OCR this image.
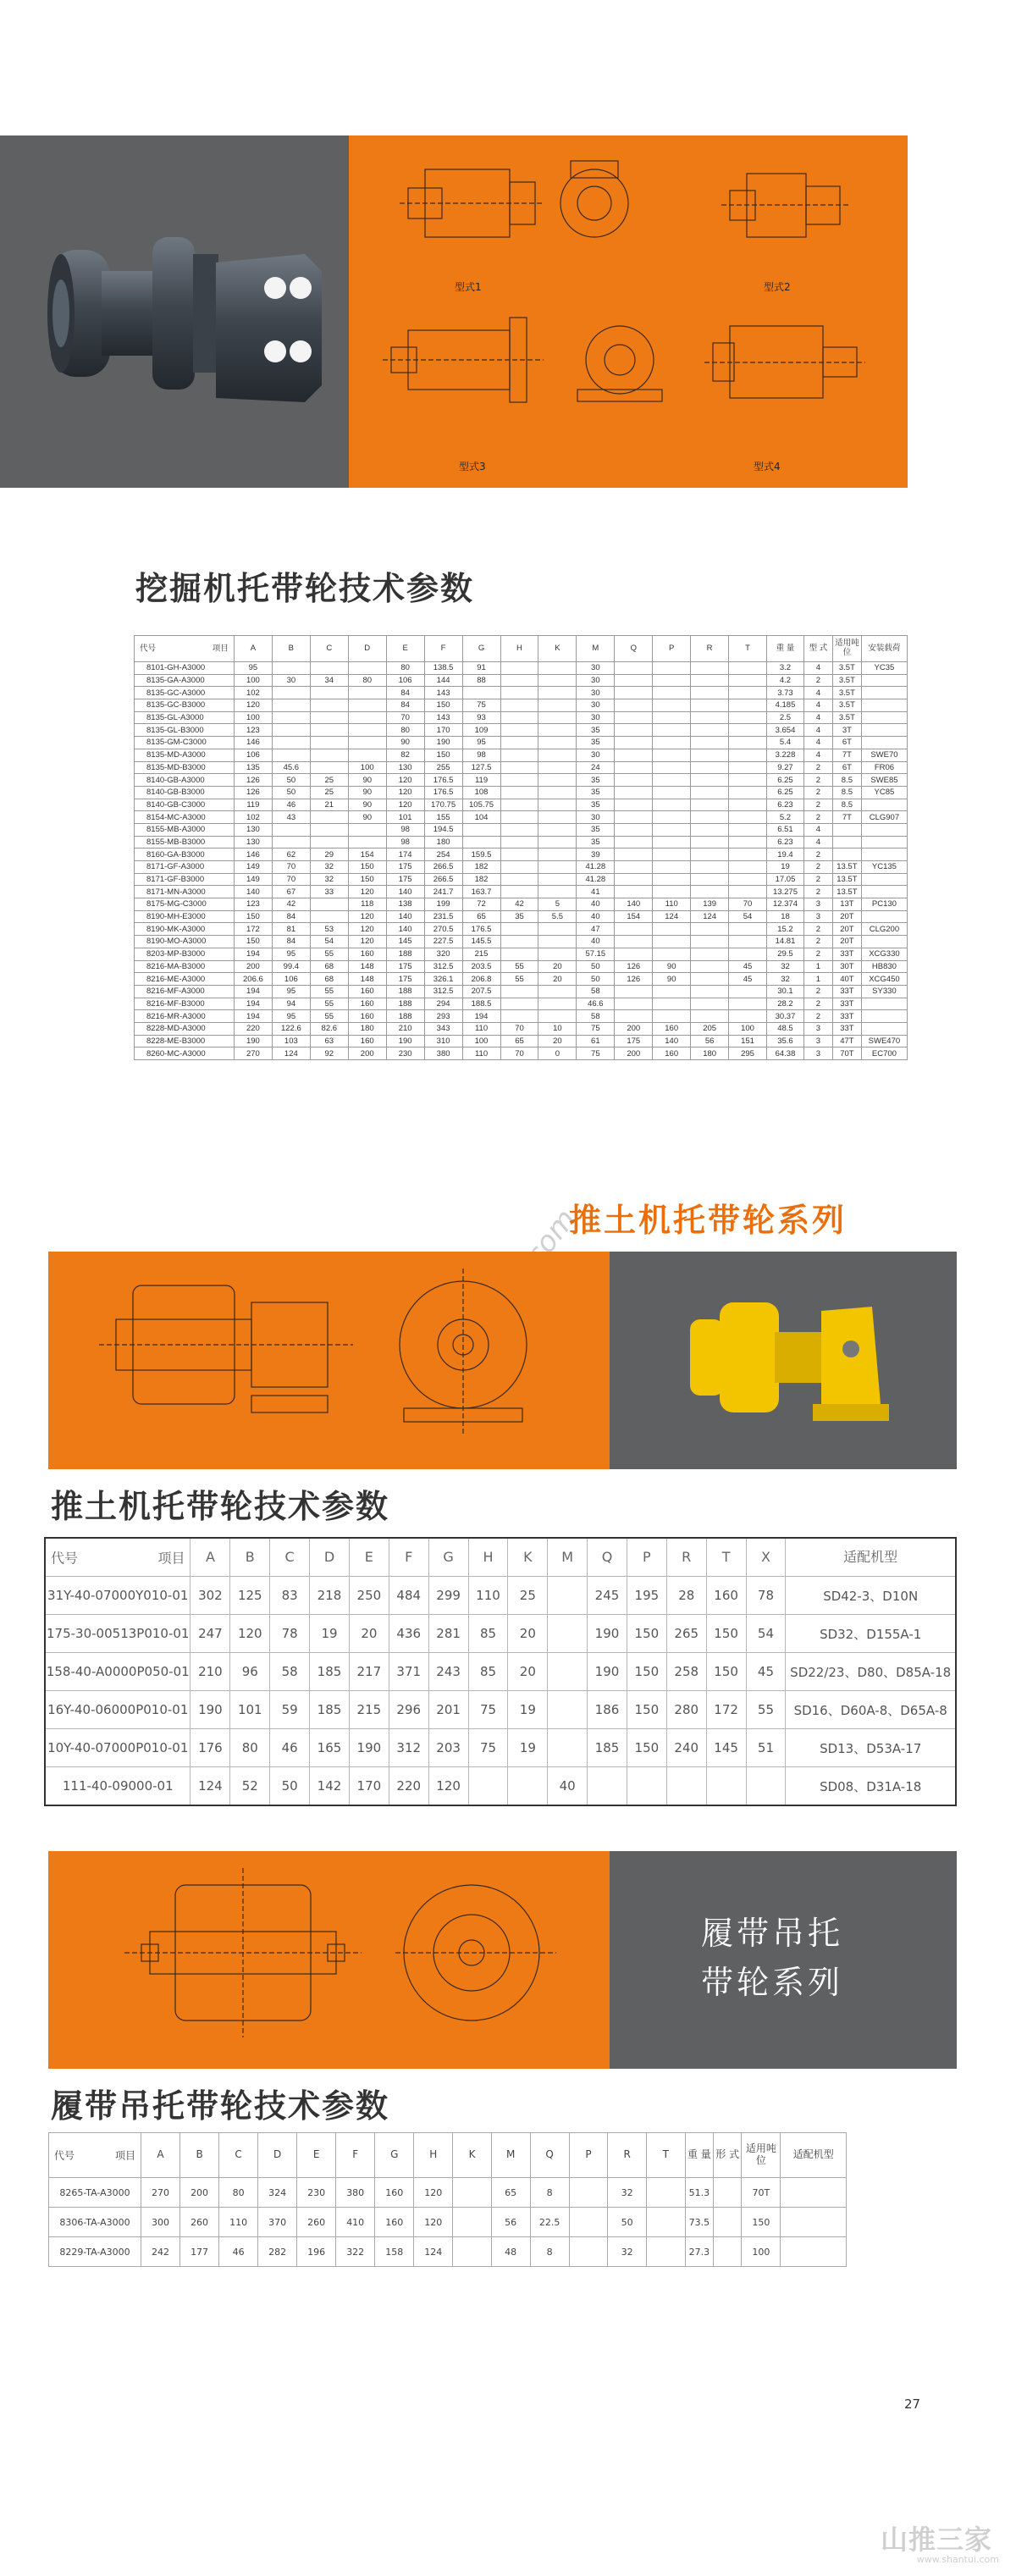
型式1	型式2
型式3	型式4
挖掘机托带轮技术参数
代号 项目	A	B	C	D	E	F	G	H	K	M	Q	P	R	T	重 量	型 式	适用吨位	安装载荷
8101-GH-A3000	95				80	138.5	91			30					3.2	4	3.5T	YC35
8135-GA-A3000	100	30	34	80	106	144	88			30					4.2	2	3.5T	
8135-GC-A3000	102				84	143				30					3.73	4	3.5T	
8135-GC-B3000	120				84	150	75			30					4.185	4	3.5T	
8135-GL-A3000	100				70	143	93			30					2.5	4	3.5T	
8135-GL-B3000	123				80	170	109			35					3.654	4	3T	
8135-GM-C3000	146				90	190	95			35					5.4	4	6T	
8135-MD-A3000	106				82	150	98			30					3.228	4	7T	SWE70
8135-MD-B3000	135	45.6		100	130	255	127.5			24					9.27	2	6T	FR06
8140-GB-A3000	126	50	25	90	120	176.5	119			35					6.25	2	8.5	SWE85
8140-GB-B3000	126	50	25	90	120	176.5	108			35					6.25	2	8.5	YC85
8140-GB-C3000	119	46	21	90	120	170.75	105.75			35					6.23	2	8.5	
8154-MC-A3000	102	43		90	101	155	104			30					5.2	2	7T	CLG907
8155-MB-A3000	130				98	194.5				35					6.51	4		
8155-MB-B3000	130				98	180				35					6.23	4		
8160-GA-B3000	146	62	29	154	174	254	159.5			39					19.4	2		
8171-GF-A3000	149	70	32	150	175	266.5	182			41.28					19	2	13.5T	YC135
8171-GF-B3000	149	70	32	150	175	266.5	182			41.28					17.05	2	13.5T	
8171-MN-A3000	140	67	33	120	140	241.7	163.7			41					13.275	2	13.5T	
8175-MG-C3000	123	42		118	138	199	72	42	5	40	140	110	139	70	12.374	3	13T	PC130
8190-MH-E3000	150	84		120	140	231.5	65	35	5.5	40	154	124	124	54	18	3	20T	
8190-MK-A3000	172	81	53	120	140	270.5	176.5			47					15.2	2	20T	CLG200
8190-MO-A3000	150	84	54	120	145	227.5	145.5			40					14.81	2	20T	
8203-MP-B3000	194	95	55	160	188	320	215			57.15					29.5	2	33T	XCG330
8216-MA-B3000	200	99.4	68	148	175	312.5	203.5	55	20	50	126	90		45	32	1	30T	HB830
8216-ME-A3000	206.6	106	68	148	175	326.1	206.8	55	20	50	126	90		45	32	1	40T	XCG450
8216-MF-A3000	194	95	55	160	188	312.5	207.5			58					30.1	2	33T	SY330
8216-MF-B3000	194	94	55	160	188	294	188.5			46.6					28.2	2	33T	
8216-MR-A3000	194	95	55	160	188	293	194			58					30.37	2	33T	
8228-MD-A3000	220	122.6	82.6	180	210	343	110	70	10	75	200	160	205	100	48.5	3	33T	
8228-ME-B3000	190	103	63	160	190	310	100	65	20	61	175	140	56	151	35.6	3	47T	SWE470
8260-MC-A3000	270	124	92	200	230	380	110	70	0	75	200	160	180	295	64.38	3	70T	EC700
推土机托带轮系列
推土机托带轮技术参数
代号 项目	A	B	C	D	E	F	G	H	K	M	Q	P	R	T	X	适配机型
31Y-40-07000Y010-01	302	125	83	218	250	484	299	110	25		245	195	28	160	78	SD42-3、D10N
175-30-00513P010-01	247	120	78	19	20	436	281	85	20		190	150	265	150	54	SD32、D155A-1
158-40-A0000P050-01	210	96	58	185	217	371	243	85	20		190	150	258	150	45	SD22/23、D80、D85A-18
16Y-40-06000P010-01	190	101	59	185	215	296	201	75	19		186	150	280	172	55	SD16、D60A-8、D65A-8
10Y-40-07000P010-01	176	80	46	165	190	312	203	75	19		185	150	240	145	51	SD13、D53A-17
111-40-09000-01	124	52	50	142	170	220	120			40						SD08、D31A-18
履带吊托
带轮系列
履带吊托带轮技术参数
代号 项目	A	B	C	D	E	F	G	H	K	M	Q	P	R	T	重 量	形 式	适用吨位	适配机型
8265-TA-A3000	270	200	80	324	230	380	160	120		65	8		32		51.3		70T	
8306-TA-A3000	300	260	110	370	260	410	160	120		56	22.5		50		73.5		150	
8229-TA-A3000	242	177	46	282	196	322	158	124		48	8		32		27.3		100	
27
山推三家
www.shantui.com
